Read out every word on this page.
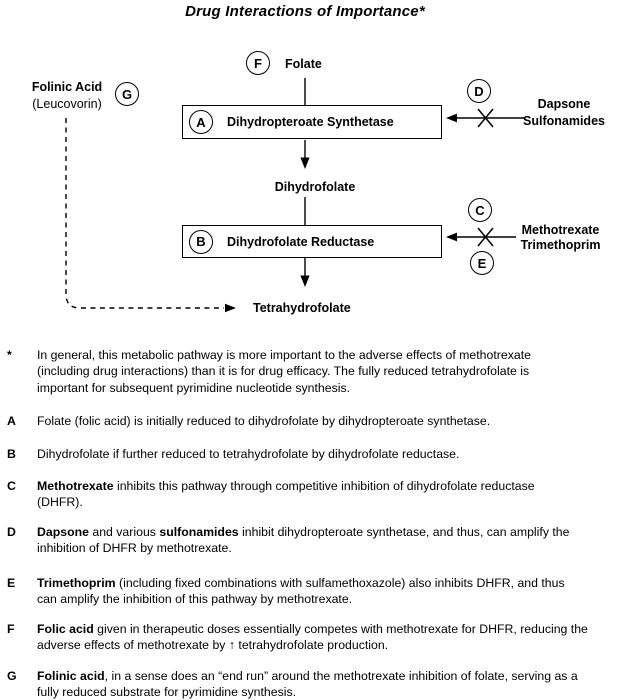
Drug Interactions of Importance*
F
G	D
C
E
Folate
Folinic Acid
(Leucovorin)
Dihydrofolate
Tetrahydrofolate
A	Dihydropteroate Synthetase
B	Dihydrofolate Reductase
Dapsone
Sulfonamides
Methotrexate
Trimethoprim
*	In general, this metabolic pathway is more important to the adverse effects of methotrexate
(including drug interactions) than it is for drug efficacy. The fully reduced tetrahydrofolate is
important for subsequent pyrimidine nucleotide synthesis.
A	Folate (folic acid) is initially reduced to dihydrofolate by dihydropteroate synthetase.
B	Dihydrofolate if further reduced to tetrahydrofolate by dihydrofolate reductase.
C	Methotrexate inhibits this pathway through competitive inhibition of dihydrofolate reductase
(DHFR).
D	Dapsone and various sulfonamides inhibit dihydropteroate synthetase, and thus, can amplify the
inhibition of DHFR by methotrexate.
E	Trimethoprim (including fixed combinations with sulfamethoxazole) also inhibits DHFR, and thus
can amplify the inhibition of this pathway by methotrexate.
F	Folic acid given in therapeutic doses essentially competes with methotrexate for DHFR, reducing the
adverse effects of methotrexate by ↑ tetrahydrofolate production.
G	Folinic acid, in a sense does an “end run” around the methotrexate inhibition of folate, serving as a
fully reduced substrate for pyrimidine synthesis.
